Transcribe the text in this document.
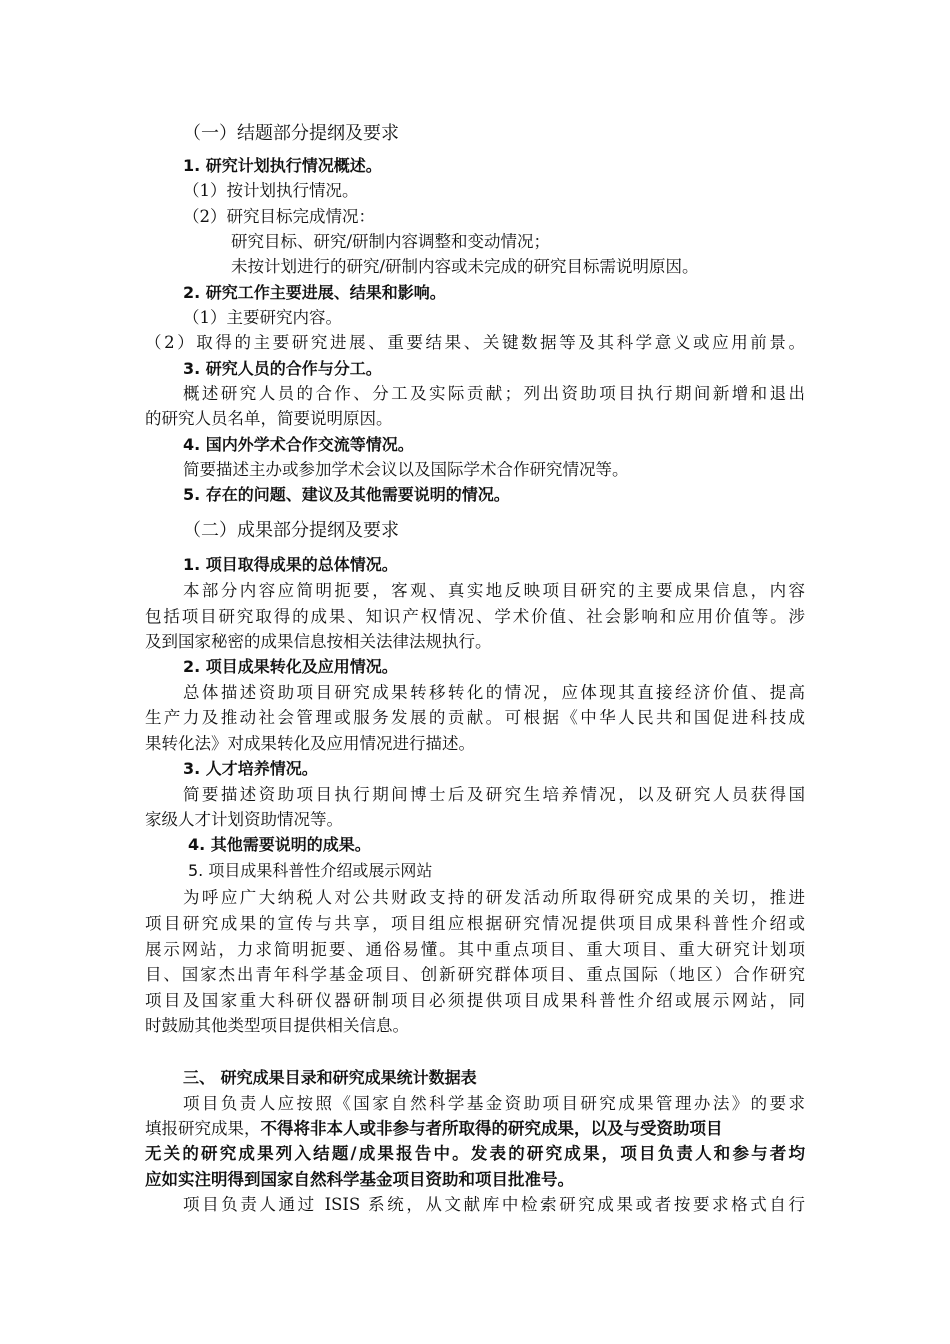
（一）结题部分提纲及要求
1. 研究计划执行情况概述。
（1）按计划执行情况。
（2）研究目标完成情况：
研究目标、研究/研制内容调整和变动情况；
未按计划进行的研究/研制内容或未完成的研究目标需说明原因。
2. 研究工作主要进展、结果和影响。
（1）主要研究内容。
（2）取得的主要研究进展、重要结果、关键数据等及其科学意义或应用前景。
3. 研究人员的合作与分工。
概述研究人员的合作、分工及实际贡献；列出资助项目执行期间新增和退出
的研究人员名单，简要说明原因。
4. 国内外学术合作交流等情况。
简要描述主办或参加学术会议以及国际学术合作研究情况等。
5. 存在的问题、建议及其他需要说明的情况。
（二）成果部分提纲及要求
1. 项目取得成果的总体情况。
本部分内容应简明扼要，客观、真实地反映项目研究的主要成果信息，内容
包括项目研究取得的成果、知识产权情况、学术价值、社会影响和应用价值等。涉
及到国家秘密的成果信息按相关法律法规执行。
2. 项目成果转化及应用情况。
总体描述资助项目研究成果转移转化的情况，应体现其直接经济价值、提高
生产力及推动社会管理或服务发展的贡献。可根据《中华人民共和国促进科技成
果转化法》对成果转化及应用情况进行描述。
3. 人才培养情况。
简要描述资助项目执行期间博士后及研究生培养情况，以及研究人员获得国
家级人才计划资助情况等。
4. 其他需要说明的成果。
5. 项目成果科普性介绍或展示网站
为呼应广大纳税人对公共财政支持的研发活动所取得研究成果的关切，推进
项目研究成果的宣传与共享，项目组应根据研究情况提供项目成果科普性介绍或
展示网站，力求简明扼要、通俗易懂。其中重点项目、重大项目、重大研究计划项
目、国家杰出青年科学基金项目、创新研究群体项目、重点国际（地区）合作研究
项目及国家重大科研仪器研制项目必须提供项目成果科普性介绍或展示网站，同
时鼓励其他类型项目提供相关信息。
三、 研究成果目录和研究成果统计数据表
项目负责人应按照《国家自然科学基金资助项目研究成果管理办法》的要求
填报研究成果，不得将非本人或非参与者所取得的研究成果，以及与受资助项目
无关的研究成果列入结题/成果报告中。发表的研究成果，项目负责人和参与者均
应如实注明得到国家自然科学基金项目资助和项目批准号。
项目负责人通过 ISIS 系统，从文献库中检索研究成果或者按要求格式自行
